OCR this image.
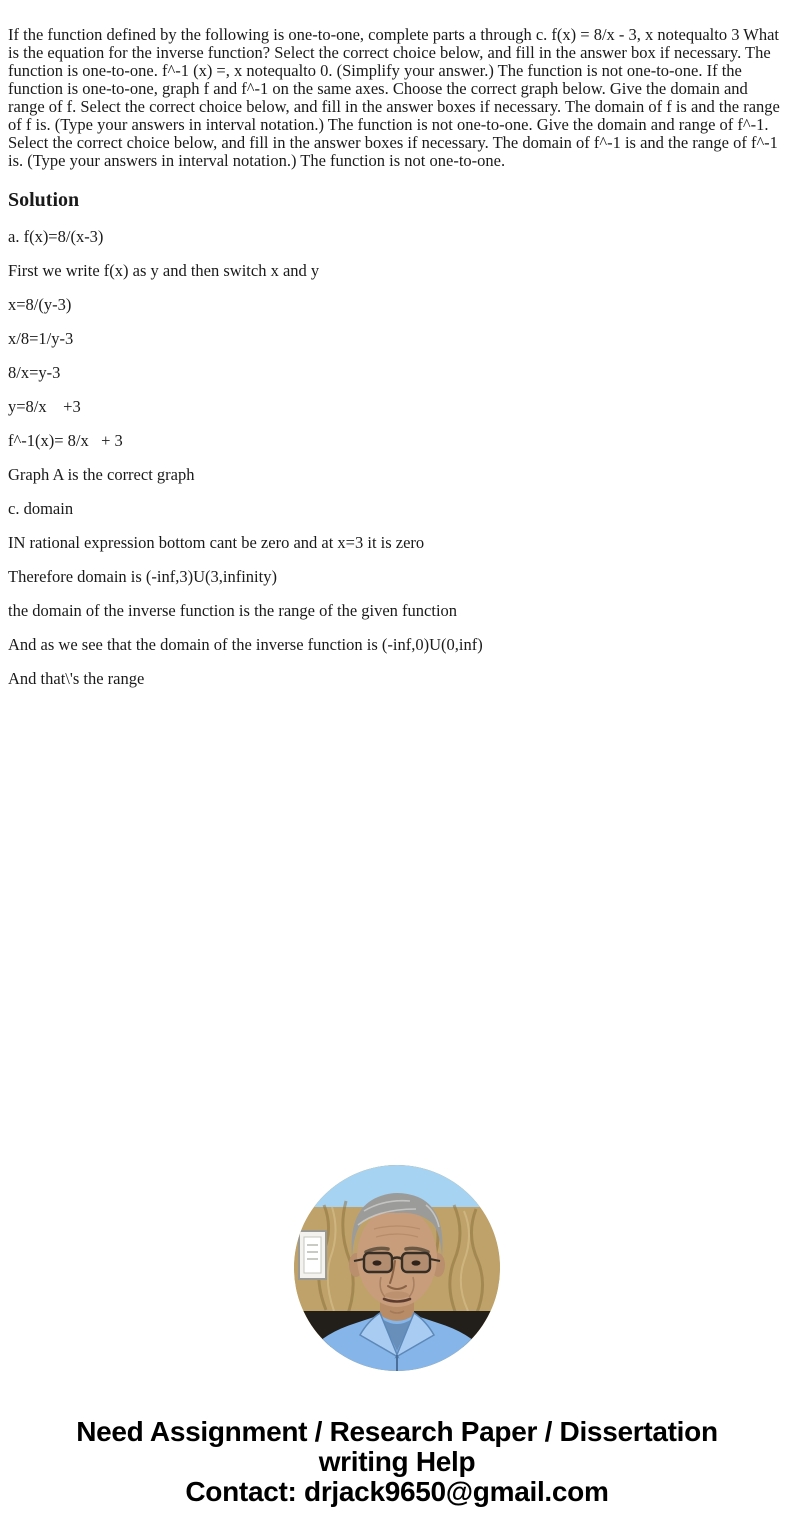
If the function defined by the following is one-to-one, complete parts a through c. f(x) = 8/x - 3, x notequalto 3 What is the equation for the inverse function? Select the correct choice below, and fill in the answer box if necessary. The function is one-to-one. f^-1 (x) =, x notequalto 0. (Simplify your answer.) The function is not one-to-one. If the function is one-to-one, graph f and f^-1 on the same axes. Choose the correct graph below. Give the domain and range of f. Select the correct choice below, and fill in the answer boxes if necessary. The domain of f is and the range of f is. (Type your answers in interval notation.) The function is not one-to-one. Give the domain and range of f^-1. Select the correct choice below, and fill in the answer boxes if necessary. The domain of f^-1 is and the range of f^-1 is. (Type your answers in interval notation.) The function is not one-to-one.

Solution

a. f(x)=8/(x-3)

First we write f(x) as y and then switch x and y

x=8/(y-3)

x/8=1/y-3

8/x=y-3

y=8/x    +3

f^-1(x)= 8/x   + 3

Graph A is the correct graph

c. domain

IN rational expression bottom cant be zero and at x=3 it is zero

Therefore domain is (-inf,3)U(3,infinity)

the domain of the inverse function is the range of the given function

And as we see that the domain of the inverse function is (-inf,0)U(0,inf)

And that\'s the range

Need Assignment / Research Paper / Dissertation
writing Help
Contact: drjack9650@gmail.com
